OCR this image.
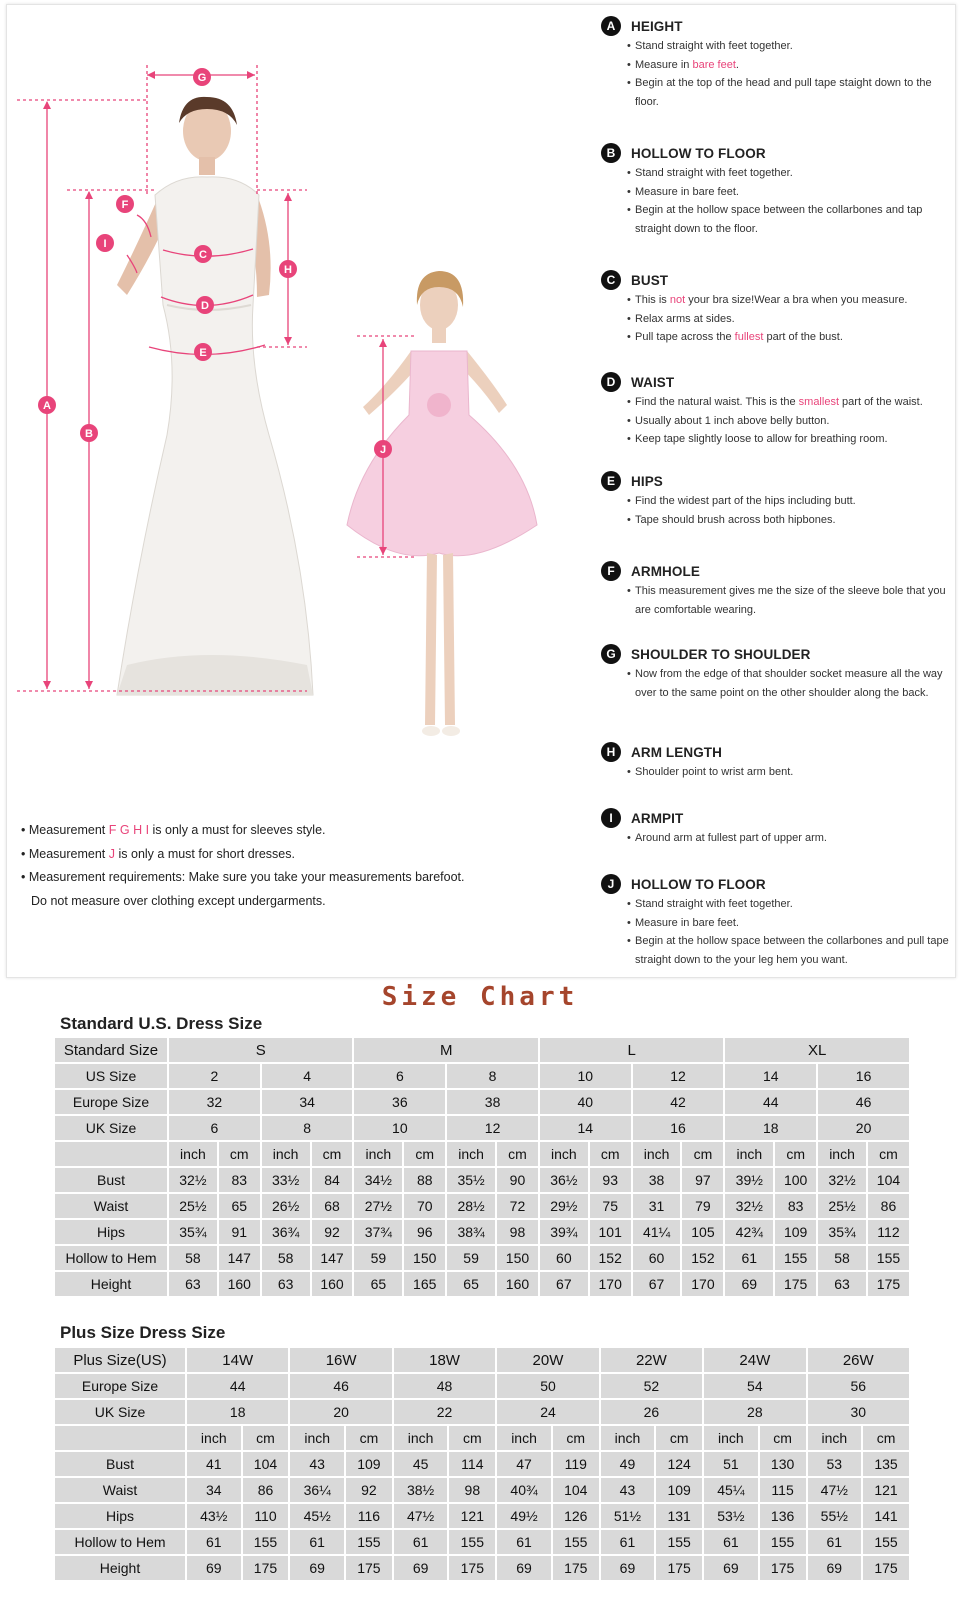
A
B
C
D
E
F
G
H
I
J
• Measurement F G H I is only a must for sleeves style.
• Measurement J is only a must for short dresses.
• Measurement requirements: Make sure you take your measurements barefoot.
Do not measure over clothing except undergarments.
A	HEIGHT
• Stand straight with feet together.
• Measure in bare feet.
• Begin at the top of the head and pull tape staight down to the floor.
B	HOLLOW TO FLOOR
• Stand straight with feet together.
• Measure in bare feet.
• Begin at the hollow space between the collarbones and tap straight down to the floor.
C	BUST
• This is not your bra size!Wear a bra when you measure.
• Relax arms at sides.
• Pull tape across the fullest part of the bust.
D	WAIST
• Find the natural waist. This is the smallest part of the waist.
• Usually about 1 inch above belly button.
• Keep tape slightly loose to allow for breathing room.
E	HIPS
• Find the widest part of the hips including butt.
• Tape should brush across both hipbones.
F	ARMHOLE
• This measurement gives me the size of the sleeve bole that you are comfortable wearing.
G	SHOULDER TO SHOULDER
• Now from the edge of that shoulder socket measure all the way over to the same point on the other shoulder along the back.
H	ARM LENGTH
• Shoulder point to wrist arm bent.
I	ARMPIT
• Around arm at fullest part of upper arm.
J	HOLLOW TO FLOOR
• Stand straight with feet together.
• Measure in bare feet.
• Begin at the hollow space between the collarbones and pull tape straight down to the your leg hem you want.
Size Chart
Standard U.S. Dress Size
Standard Size	S				M				L				XL			
US Size	2		4		6		8		10		12		14		16	
Europe Size	32		34		36		38		40		42		44		46	
UK Size	6		8		10		12		14		16		18		20	
	inch	cm	inch	cm	inch	cm	inch	cm	inch	cm	inch	cm	inch	cm	inch	cm
Bust	32½	83	33½	84	34½	88	35½	90	36½	93	38	97	39½	100	32½	104
Waist	25½	65	26½	68	27½	70	28½	72	29½	75	31	79	32½	83	25½	86
Hips	35¾	91	36¾	92	37¾	96	38¾	98	39¾	101	41¼	105	42¾	109	35¾	112
Hollow to Hem	58	147	58	147	59	150	59	150	60	152	60	152	61	155	58	155
Height	63	160	63	160	65	165	65	160	67	170	67	170	69	175	63	175
Plus Size Dress Size
Plus Size(US)	14W		16W		18W		20W		22W		24W		26W	
Europe Size	44		46		48		50		52		54		56	
UK Size	18		20		22		24		26		28		30	
	inch	cm	inch	cm	inch	cm	inch	cm	inch	cm	inch	cm	inch	cm
Bust	41	104	43	109	45	114	47	119	49	124	51	130	53	135
Waist	34	86	36¼	92	38½	98	40¾	104	43	109	45¼	115	47½	121
Hips	43½	110	45½	116	47½	121	49½	126	51½	131	53½	136	55½	141
Hollow to Hem	61	155	61	155	61	155	61	155	61	155	61	155	61	155
Height	69	175	69	175	69	175	69	175	69	175	69	175	69	175
